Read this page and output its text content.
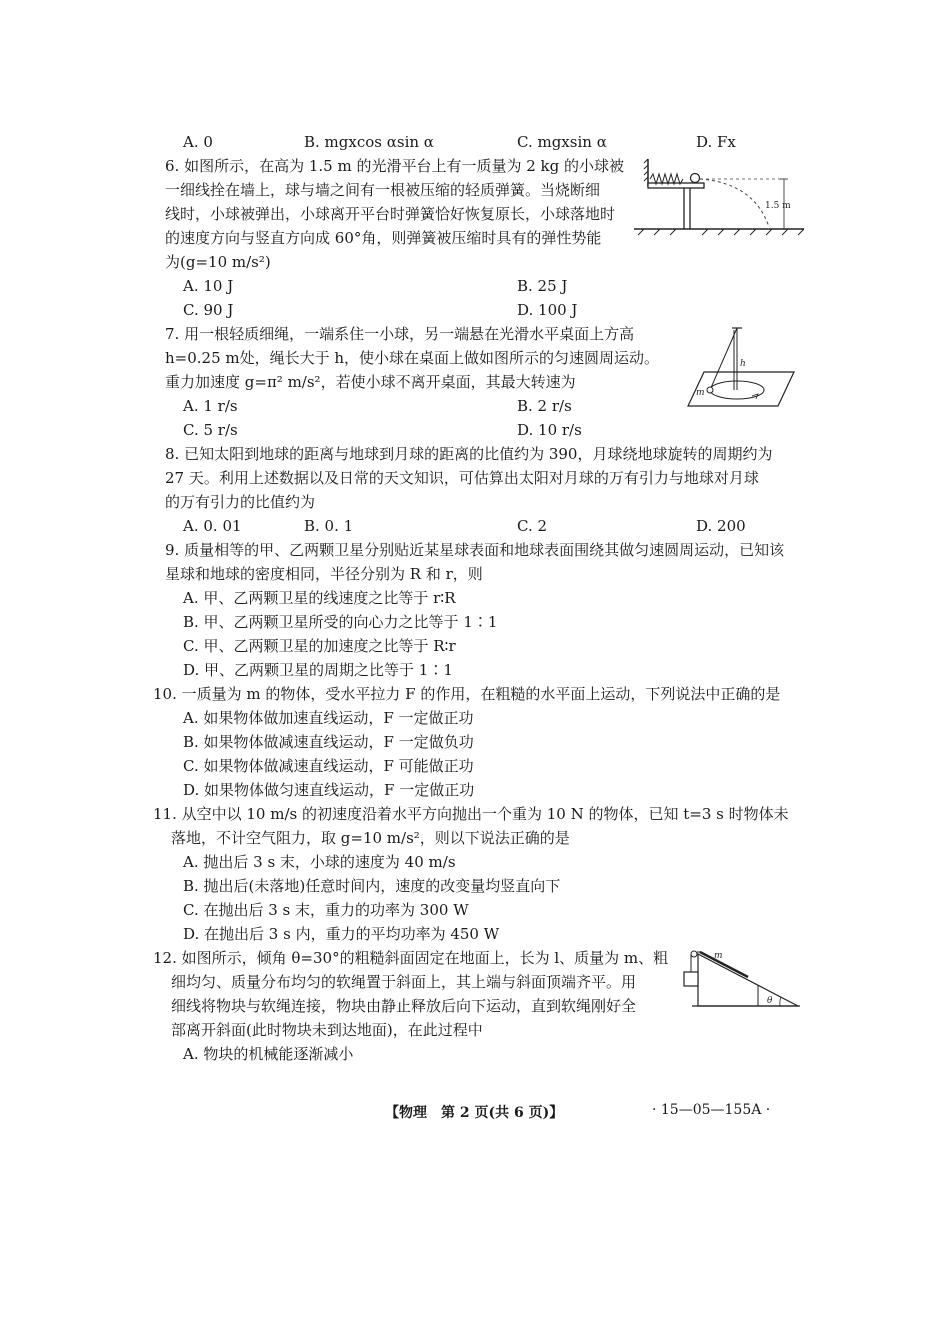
A. 0	B. mgxcos αsin α	C. mgxsin α	D. Fx
6. 如图所示，在高为 1.5 m 的光滑平台上有一质量为 2 kg 的小球被
一细线拴在墙上，球与墙之间有一根被压缩的轻质弹簧。当烧断细
线时，小球被弹出，小球离开平台时弹簧恰好恢复原长，小球落地时
的速度方向与竖直方向成 60°角，则弹簧被压缩时具有的弹性势能
为(g=10 m/s²)
A. 10 J	B. 25 J
C. 90 J	D. 100 J
1.5 m
7. 用一根轻质细绳，一端系住一小球，另一端悬在光滑水平桌面上方高
h=0.25 m处，绳长大于 h，使小球在桌面上做如图所示的匀速圆周运动。
重力加速度 g=π² m/s²，若使小球不离开桌面，其最大转速为
A. 1 r/s	B. 2 r/s
C. 5 r/s	D. 10 r/s
h
m
8. 已知太阳到地球的距离与地球到月球的距离的比值约为 390，月球绕地球旋转的周期约为
27 天。利用上述数据以及日常的天文知识，可估算出太阳对月球的万有引力与地球对月球
的万有引力的比值约为
A. 0. 01	B. 0. 1	C. 2	D. 200
9. 质量相等的甲、乙两颗卫星分别贴近某星球表面和地球表面围绕其做匀速圆周运动，已知该
星球和地球的密度相同，半径分别为 R 和 r，则
A. 甲、乙两颗卫星的线速度之比等于 r∶R
B. 甲、乙两颗卫星所受的向心力之比等于 1∶1
C. 甲、乙两颗卫星的加速度之比等于 R∶r
D. 甲、乙两颗卫星的周期之比等于 1∶1
10. 一质量为 m 的物体，受水平拉力 F 的作用，在粗糙的水平面上运动，下列说法中正确的是
A. 如果物体做加速直线运动，F 一定做正功
B. 如果物体做减速直线运动，F 一定做负功
C. 如果物体做减速直线运动，F 可能做正功
D. 如果物体做匀速直线运动，F 一定做正功
11. 从空中以 10 m/s 的初速度沿着水平方向抛出一个重为 10 N 的物体，已知 t=3 s 时物体未
落地，不计空气阻力，取 g=10 m/s²，则以下说法正确的是
A. 抛出后 3 s 末，小球的速度为 40 m/s
B. 抛出后(未落地)任意时间内，速度的改变量均竖直向下
C. 在抛出后 3 s 末，重力的功率为 300 W
D. 在抛出后 3 s 内，重力的平均功率为 450 W
12. 如图所示，倾角 θ=30°的粗糙斜面固定在地面上，长为 l、质量为 m、粗
细均匀、质量分布均匀的软绳置于斜面上，其上端与斜面顶端齐平。用
细线将物块与软绳连接，物块由静止释放后向下运动，直到软绳刚好全
部离开斜面(此时物块未到达地面)，在此过程中
A. 物块的机械能逐渐减小
θ
m
【物理　第 2 页(共 6 页)】	· 15—05—155A ·
